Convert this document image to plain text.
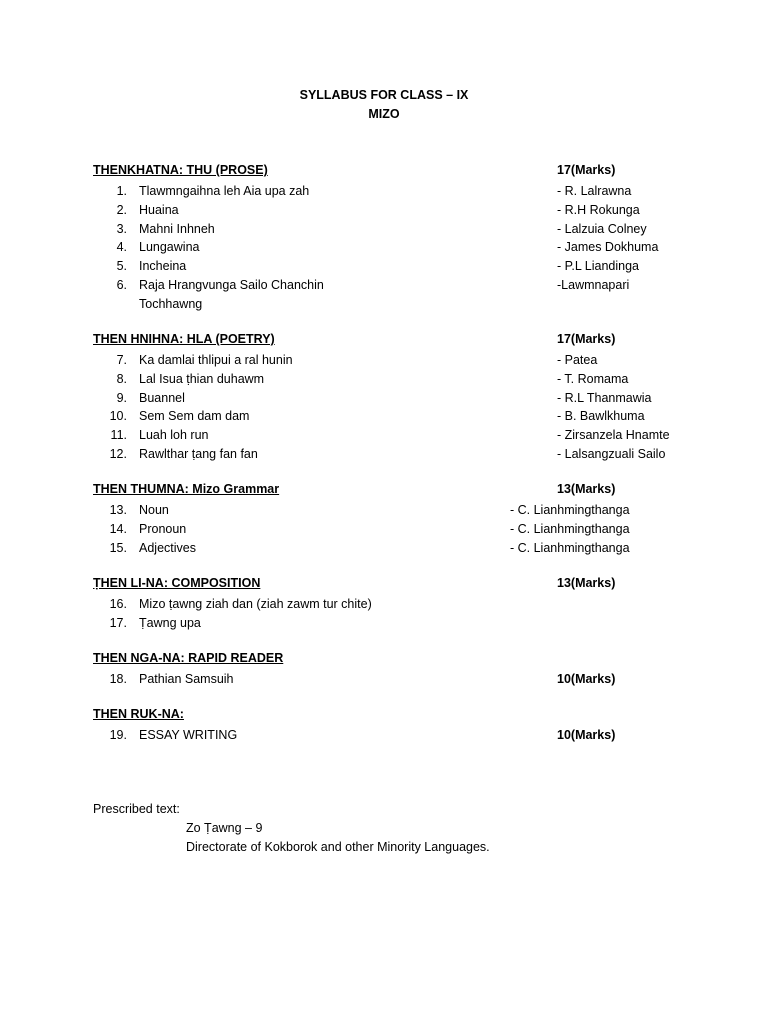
SYLLABUS FOR CLASS – IX
MIZO
THENKHATNA: THU (PROSE)	17(Marks)
1. Tlawmngaihna leh Aia upa zah	- R. Lalrawna
2. Huaina	- R.H Rokunga
3. Mahni Inhneh	- Lalzuia Colney
4. Lungawina	- James Dokhuma
5. Incheina	- P.L Liandinga
6. Raja Hrangvunga Sailo Chanchin	-Lawmnapari
Tochhawng
THEN HNIHNA: HLA (POETRY)	17(Marks)
7. Ka damlai thlipui a ral hunin	- Patea
8. Lal Isua ṭhian duhawm	- T. Romama
9. Buannel	- R.L Thanmawia
10. Sem Sem dam dam	- B. Bawlkhuma
11. Luah loh run	- Zirsanzela Hnamte
12. Rawlthar ṭang fan fan	- Lalsangzuali Sailo
THEN THUMNA: Mizo Grammar	13(Marks)
13. Noun	- C. Lianhmingthanga
14. Pronoun	- C. Lianhmingthanga
15. Adjectives	- C. Lianhmingthanga
ṬHEN LI-NA: COMPOSITION	13(Marks)
16. Mizo ṭawng ziah dan (ziah zawm tur chite)
17. Ṭawng upa
THEN NGA-NA: RAPID READER
18. Pathian Samsuih	10(Marks)
THEN RUK-NA:
19. ESSAY WRITING	10(Marks)
Prescribed text:
Zo Ṭawng – 9
Directorate of Kokborok and other Minority Languages.
